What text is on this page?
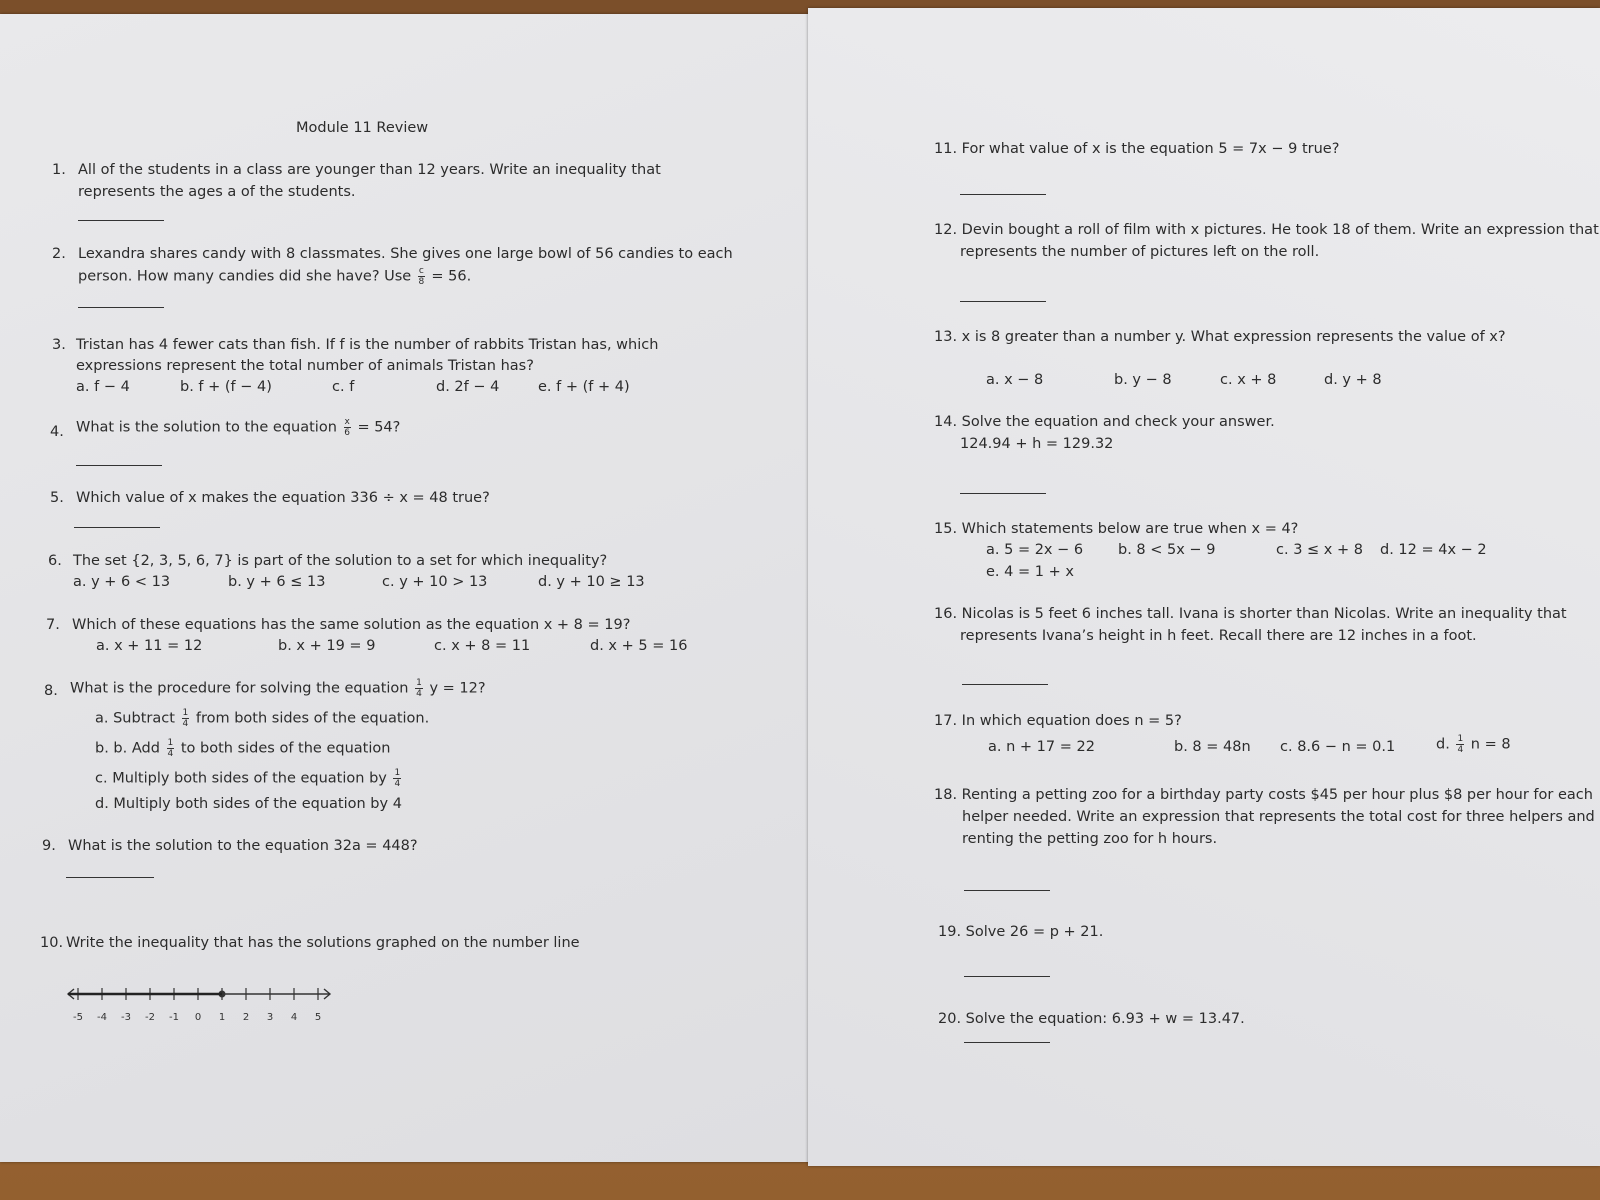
Module 11 Review
1. All of the students in a class are younger than 12 years. Write an inequality that
represents the ages a of the students.
2. Lexandra shares candy with 8 classmates. She gives one large bowl of 56 candies to each
person. How many candies did she have? Use $\frac{c}{8} = 56$.
3. Tristan has 4 fewer cats than fish. If f is the number of rabbits Tristan has, which
expressions represent the total number of animals Tristan has?
a. f − 4	b. f + (f − 4)	c. f	d. 2f − 4	e. f + (f + 4)
4. What is the solution to the equation $\frac{x}{6} = 54$?
5. Which value of x makes the equation 336 ÷ x = 48 true?
6. The set {2, 3, 5, 6, 7} is part of the solution to a set for which inequality?
a. y + 6 < 13	b. y + 6 ≤ 13	c. y + 10 > 13	d. y + 10 ≥ 13
7. Which of these equations has the same solution as the equation x + 8 = 19?
a. x + 11 = 12	b. x + 19 = 9	c. x + 8 = 11	d. x + 5 = 16
8. What is the procedure for solving the equation $\frac{1}{4}$ y = 12?
a. Subtract $\frac{1}{4}$ from both sides of the equation.
b. b. Add $\frac{1}{4}$ to both sides of the equation
c. Multiply both sides of the equation by $\frac{1}{4}$
d. Multiply both sides of the equation by 4
9. What is the solution to the equation 32a = 448?
10. Write the inequality that has the solutions graphed on the number line
-5 -4 -3 -2 -1 0 1 2 3 4 5
11. For what value of x is the equation 5 = 7x − 9 true?
12. Devin bought a roll of film with x pictures. He took 18 of them. Write an expression that
represents the number of pictures left on the roll.
13. x is 8 greater than a number y. What expression represents the value of x?
a. x − 8	b. y − 8	c. x + 8	d. y + 8
14. Solve the equation and check your answer.
124.94 + h = 129.32
15. Which statements below are true when x = 4?
a. 5 = 2x − 6 b. 8 < 5x − 9	c. 3 ≤ x + 8 d. 12 = 4x − 2
e. 4 = 1 + x
16. Nicolas is 5 feet 6 inches tall. Ivana is shorter than Nicolas. Write an inequality that
represents Ivana’s height in h feet. Recall there are 12 inches in a foot.
17. In which equation does n = 5?
a. n + 17 = 22	b. 8 = 48n c. 8.6 − n = 0.1	d. $\frac{1}{4}$ n = 8
18. Renting a petting zoo for a birthday party costs $45 per hour plus $8 per hour for each
helper needed. Write an expression that represents the total cost for three helpers and
renting the petting zoo for h hours.
19. Solve 26 = p + 21.
20. Solve the equation: 6.93 + w = 13.47.
